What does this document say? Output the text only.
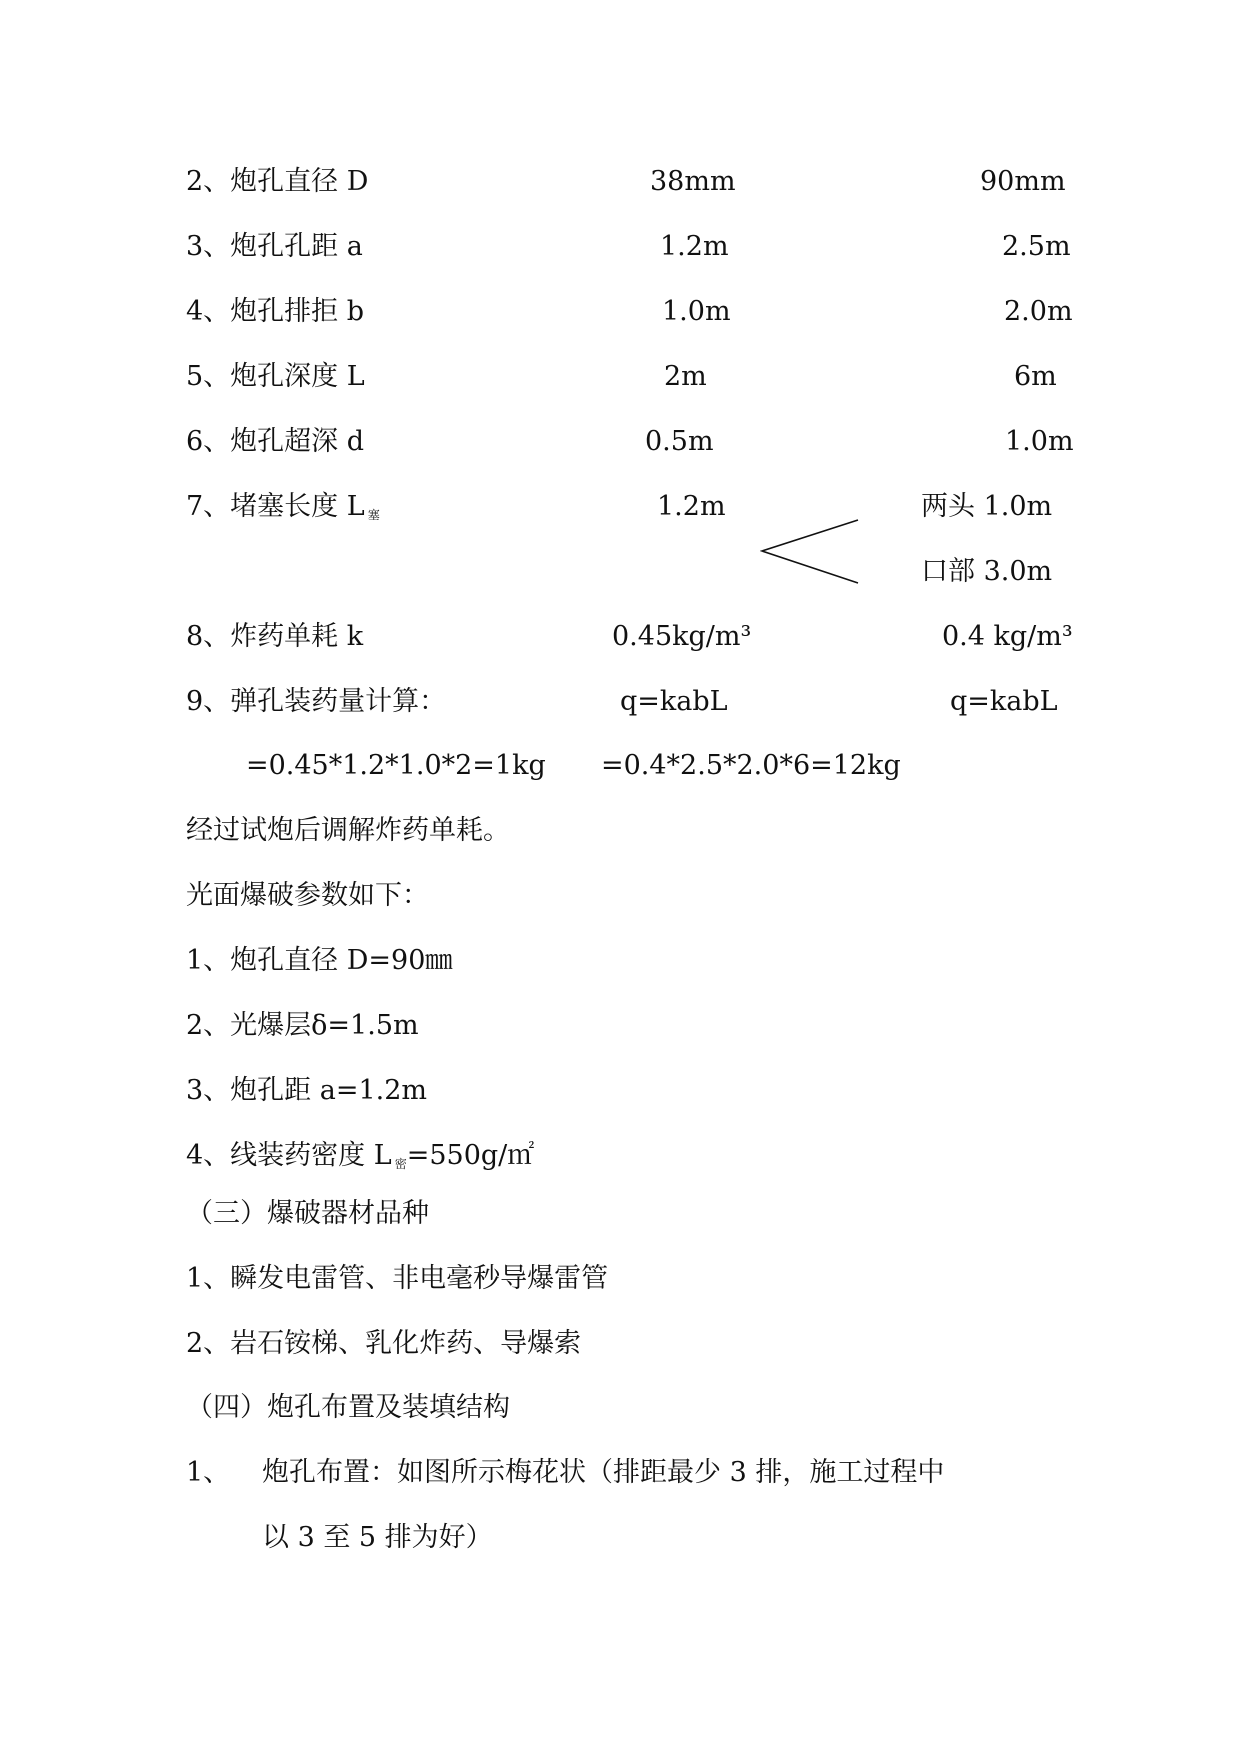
2、炮孔直径 D	38mm	90mm
3、炮孔孔距 a	1.2m	2.5m
4、炮孔排拒 b	1.0m	2.0m
5、炮孔深度 L	2m	6m
6、炮孔超深 d	0.5m	1.0m
7、堵塞长度 L 塞	1.2m	两头 1.0m
口部 3.0m
8、炸药单耗 k	0.45kg/m³	0.4 kg/m³
9、弹孔装药量计算：	q=kabL	q=kabL
=0.45*1.2*1.0*2=1kg =0.4*2.5*2.0*6=12kg
经过试炮后调解炸药单耗。
光面爆破参数如下：
1、炮孔直径 D=90㎜
2、光爆层δ=1.5m
3、炮孔距 a=1.2m
4、线装药密度 L 密=550g/㎡
（三）爆破器材品种
1、瞬发电雷管、非电毫秒导爆雷管
2、岩石铵梯、乳化炸药、导爆索
（四）炮孔布置及装填结构
1、 炮孔布置：如图所示梅花状（排距最少 3 排，施工过程中
以 3 至 5 排为好）
